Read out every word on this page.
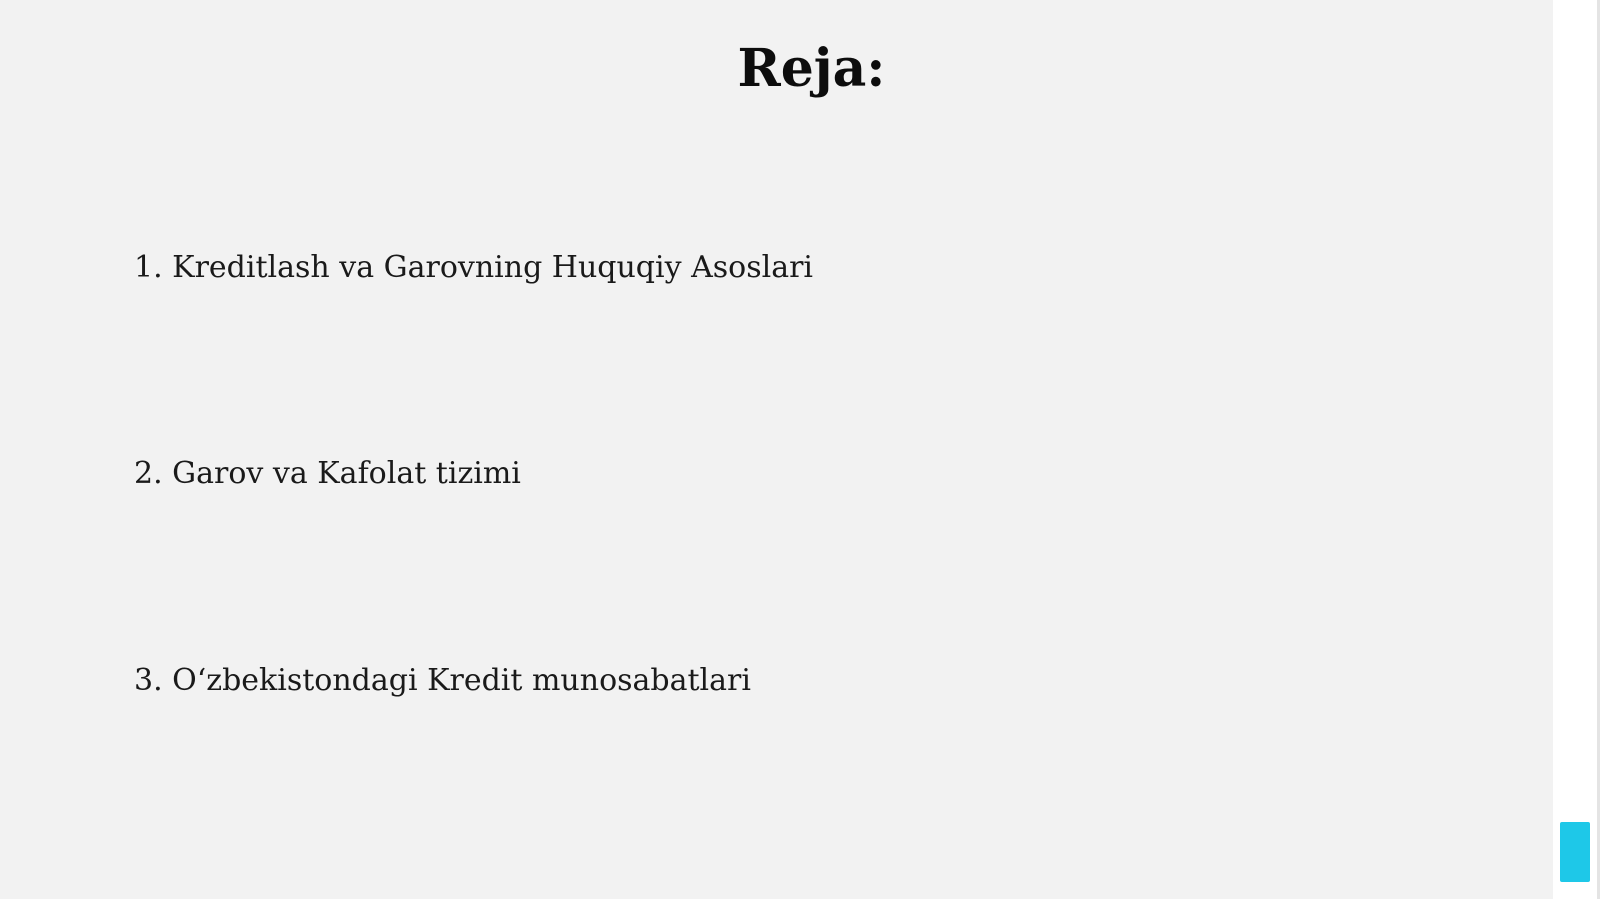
Reja:
1. Kreditlash va Garovning Huquqiy Asoslari
2. Garov va Kafolat tizimi
3. O‘zbekistondagi Kredit munosabatlari
